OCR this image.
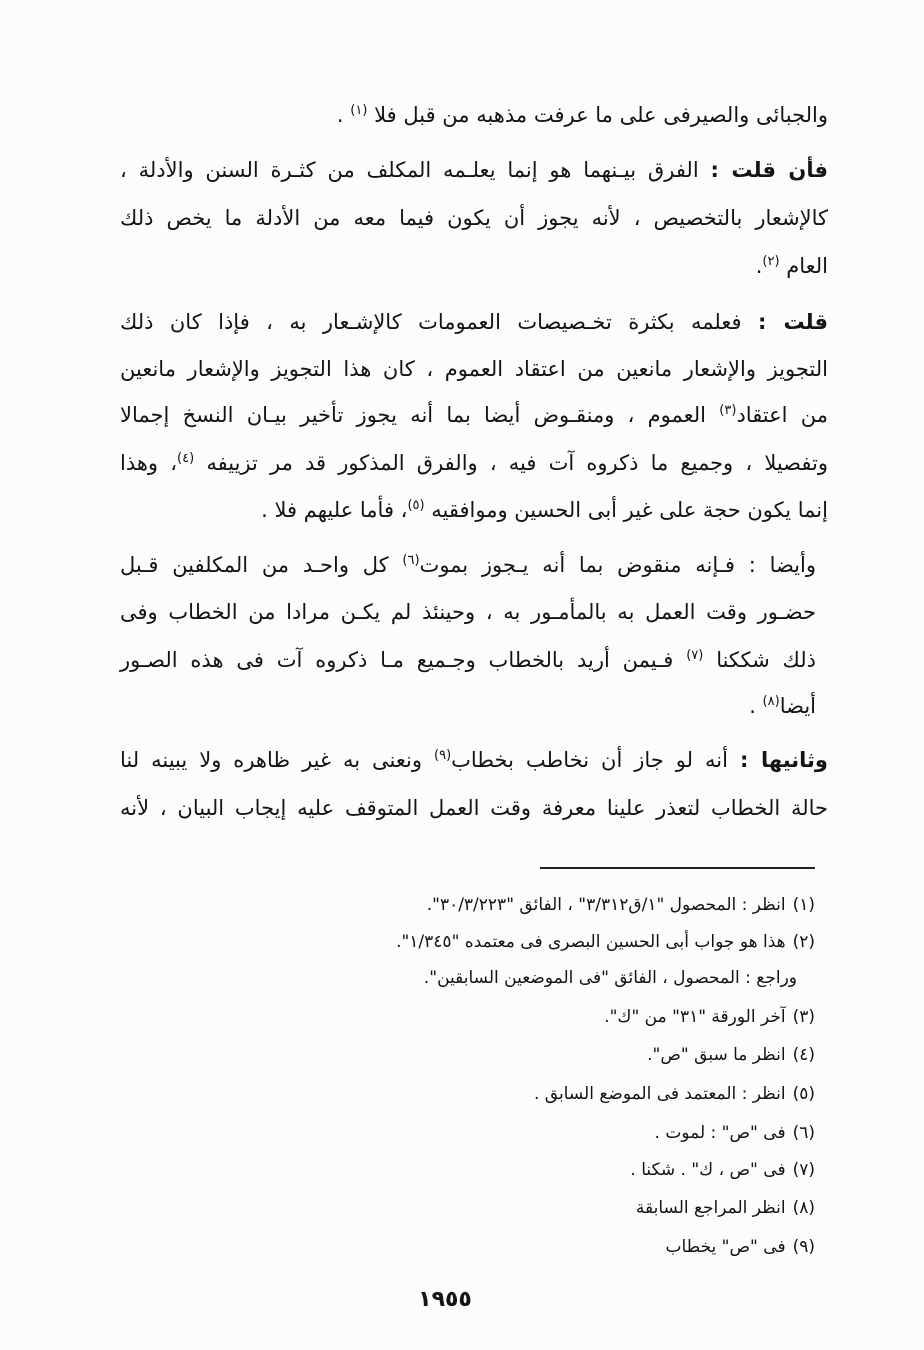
والجبائى والصيرفى على ما عرفت مذهبه من قبل فلا $^{(١)}$ .
فأن قلت : الفرق بيـنهما هو إنما يعلـمه المكلف من كثـرة السنن والأدلة ،
كالإشعار بالتخصيص ، لأنه يجوز أن يكون فيما معه من الأدلة ما يخص ذلك
العام $^{(٢)}$.
قلت : فعلمه بكثرة تخـصيصات العمومات كالإشـعار به ، فإذا كان ذلك
التجويز والإشعار مانعين من اعتقاد العموم ، كان هذا التجويز والإشعار مانعين
من اعتقاد$^{(٣)}$ العموم ، ومنقـوض أيضا بما أنه يجوز تأخير بيـان النسخ إجمالا
وتفصيلا ، وجميع ما ذكروه آت فيه ، والفرق المذكور قد مر تزييفه $^{(٤)}$، وهذا
إنما يكون حجة على غير أبى الحسين وموافقيه $^{(٥)}$، فأما عليهم فلا .
وأيضا : فـإنه منقوض بما أنه يـجوز بموت$^{(٦)}$ كل واحـد من المكلفين قـبل
حضـور وقت العمل به بالمأمـور به ، وحينئذ لم يكـن مرادا من الخطاب وفى
ذلك شككنا $^{(٧)}$ فـيمن أريد بالخطاب وجـميع مـا ذكروه آت فى هذه الصـور
أيضا$^{(٨)}$ .
وثانيها : أنه لو جاز أن نخاطب بخطاب$^{(٩)}$ ونعنى به غير ظاهره ولا يبينه لنا
حالة الخطاب لتعذر علينا معرفة وقت العمل المتوقف عليه إيجاب البيان ، لأنه
(١)انظر : المحصول "١/ق٣/٣١٢" ، الفائق "٣٠/٣/٢٢٣".
(٢)هذا هو جواب أبى الحسين البصرى فى معتمده "١/٣٤٥".
وراجع : المحصول ، الفائق "فى الموضعين السابقين".
(٣)آخر الورقة "٣١" من "ك".
(٤)انظر ما سبق "ص".
(٥)انظر : المعتمد فى الموضع السابق .
(٦)فى "ص" : لموت .
(٧)فى "ص ، ك" . شكنا .
(٨)انظر المراجع السابقة
(٩)فى "ص" يخطاب
١٩٥٥
